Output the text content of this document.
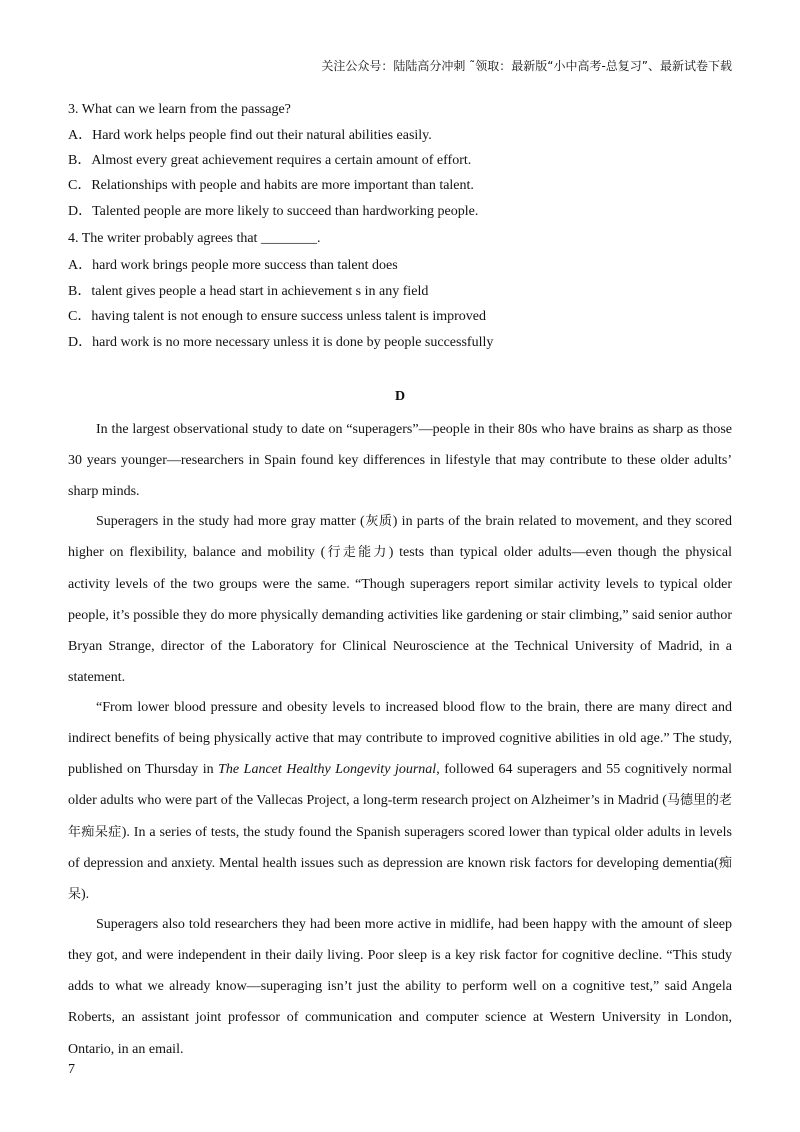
关注公众号：陆陆高分冲刺 ˜领取：最新版“小中高考-总复习”、最新试卷下载
3. What can we learn from the passage?
A．Hard work helps people find out their natural abilities easily.
B．Almost every great achievement requires a certain amount of effort.
C．Relationships with people and habits are more important than talent.
D．Talented people are more likely to succeed than hardworking people.
4. The writer probably agrees that ________.
A．hard work brings people more success than talent does
B．talent gives people a head start in achievement s in any field
C．having talent is not enough to ensure success unless talent is improved
D．hard work is no more necessary unless it is done by people successfully
D

In the largest observational study to date on “superagers”—people in their 80s who have brains as sharp as those 30 years younger—researchers in Spain found key differences in lifestyle that may contribute to these older adults’ sharp minds.

Superagers in the study had more gray matter (灰质) in parts of the brain related to movement, and they scored higher on flexibility, balance and mobility (行走能力) tests than typical older adults—even though the physical activity levels of the two groups were the same. “Though superagers report similar activity levels to typical older people, it’s possible they do more physically demanding activities like gardening or stair climbing,” said senior author Bryan Strange, director of the Laboratory for Clinical Neuroscience at the Technical University of Madrid, in a statement.

“From lower blood pressure and obesity levels to increased blood flow to the brain, there are many direct and indirect benefits of being physically active that may contribute to improved cognitive abilities in old age.” The study, published on Thursday in The Lancet Healthy Longevity journal, followed 64 superagers and 55 cognitively normal older adults who were part of the Vallecas Project, a long-term research project on Alzheimer’s in Madrid (马德里的老年痴呆症). In a series of tests, the study found the Spanish superagers scored lower than typical older adults in levels of depression and anxiety. Mental health issues such as depression are known risk factors for developing dementia(痴呆).

Superagers also told researchers they had been more active in midlife, had been happy with the amount of sleep they got, and were independent in their daily living. Poor sleep is a key risk factor for cognitive decline. “This study adds to what we already know—superaging isn’t just the ability to perform well on a cognitive test,” said Angela Roberts, an assistant joint professor of communication and computer science at Western University in London, Ontario, in an email.

7
